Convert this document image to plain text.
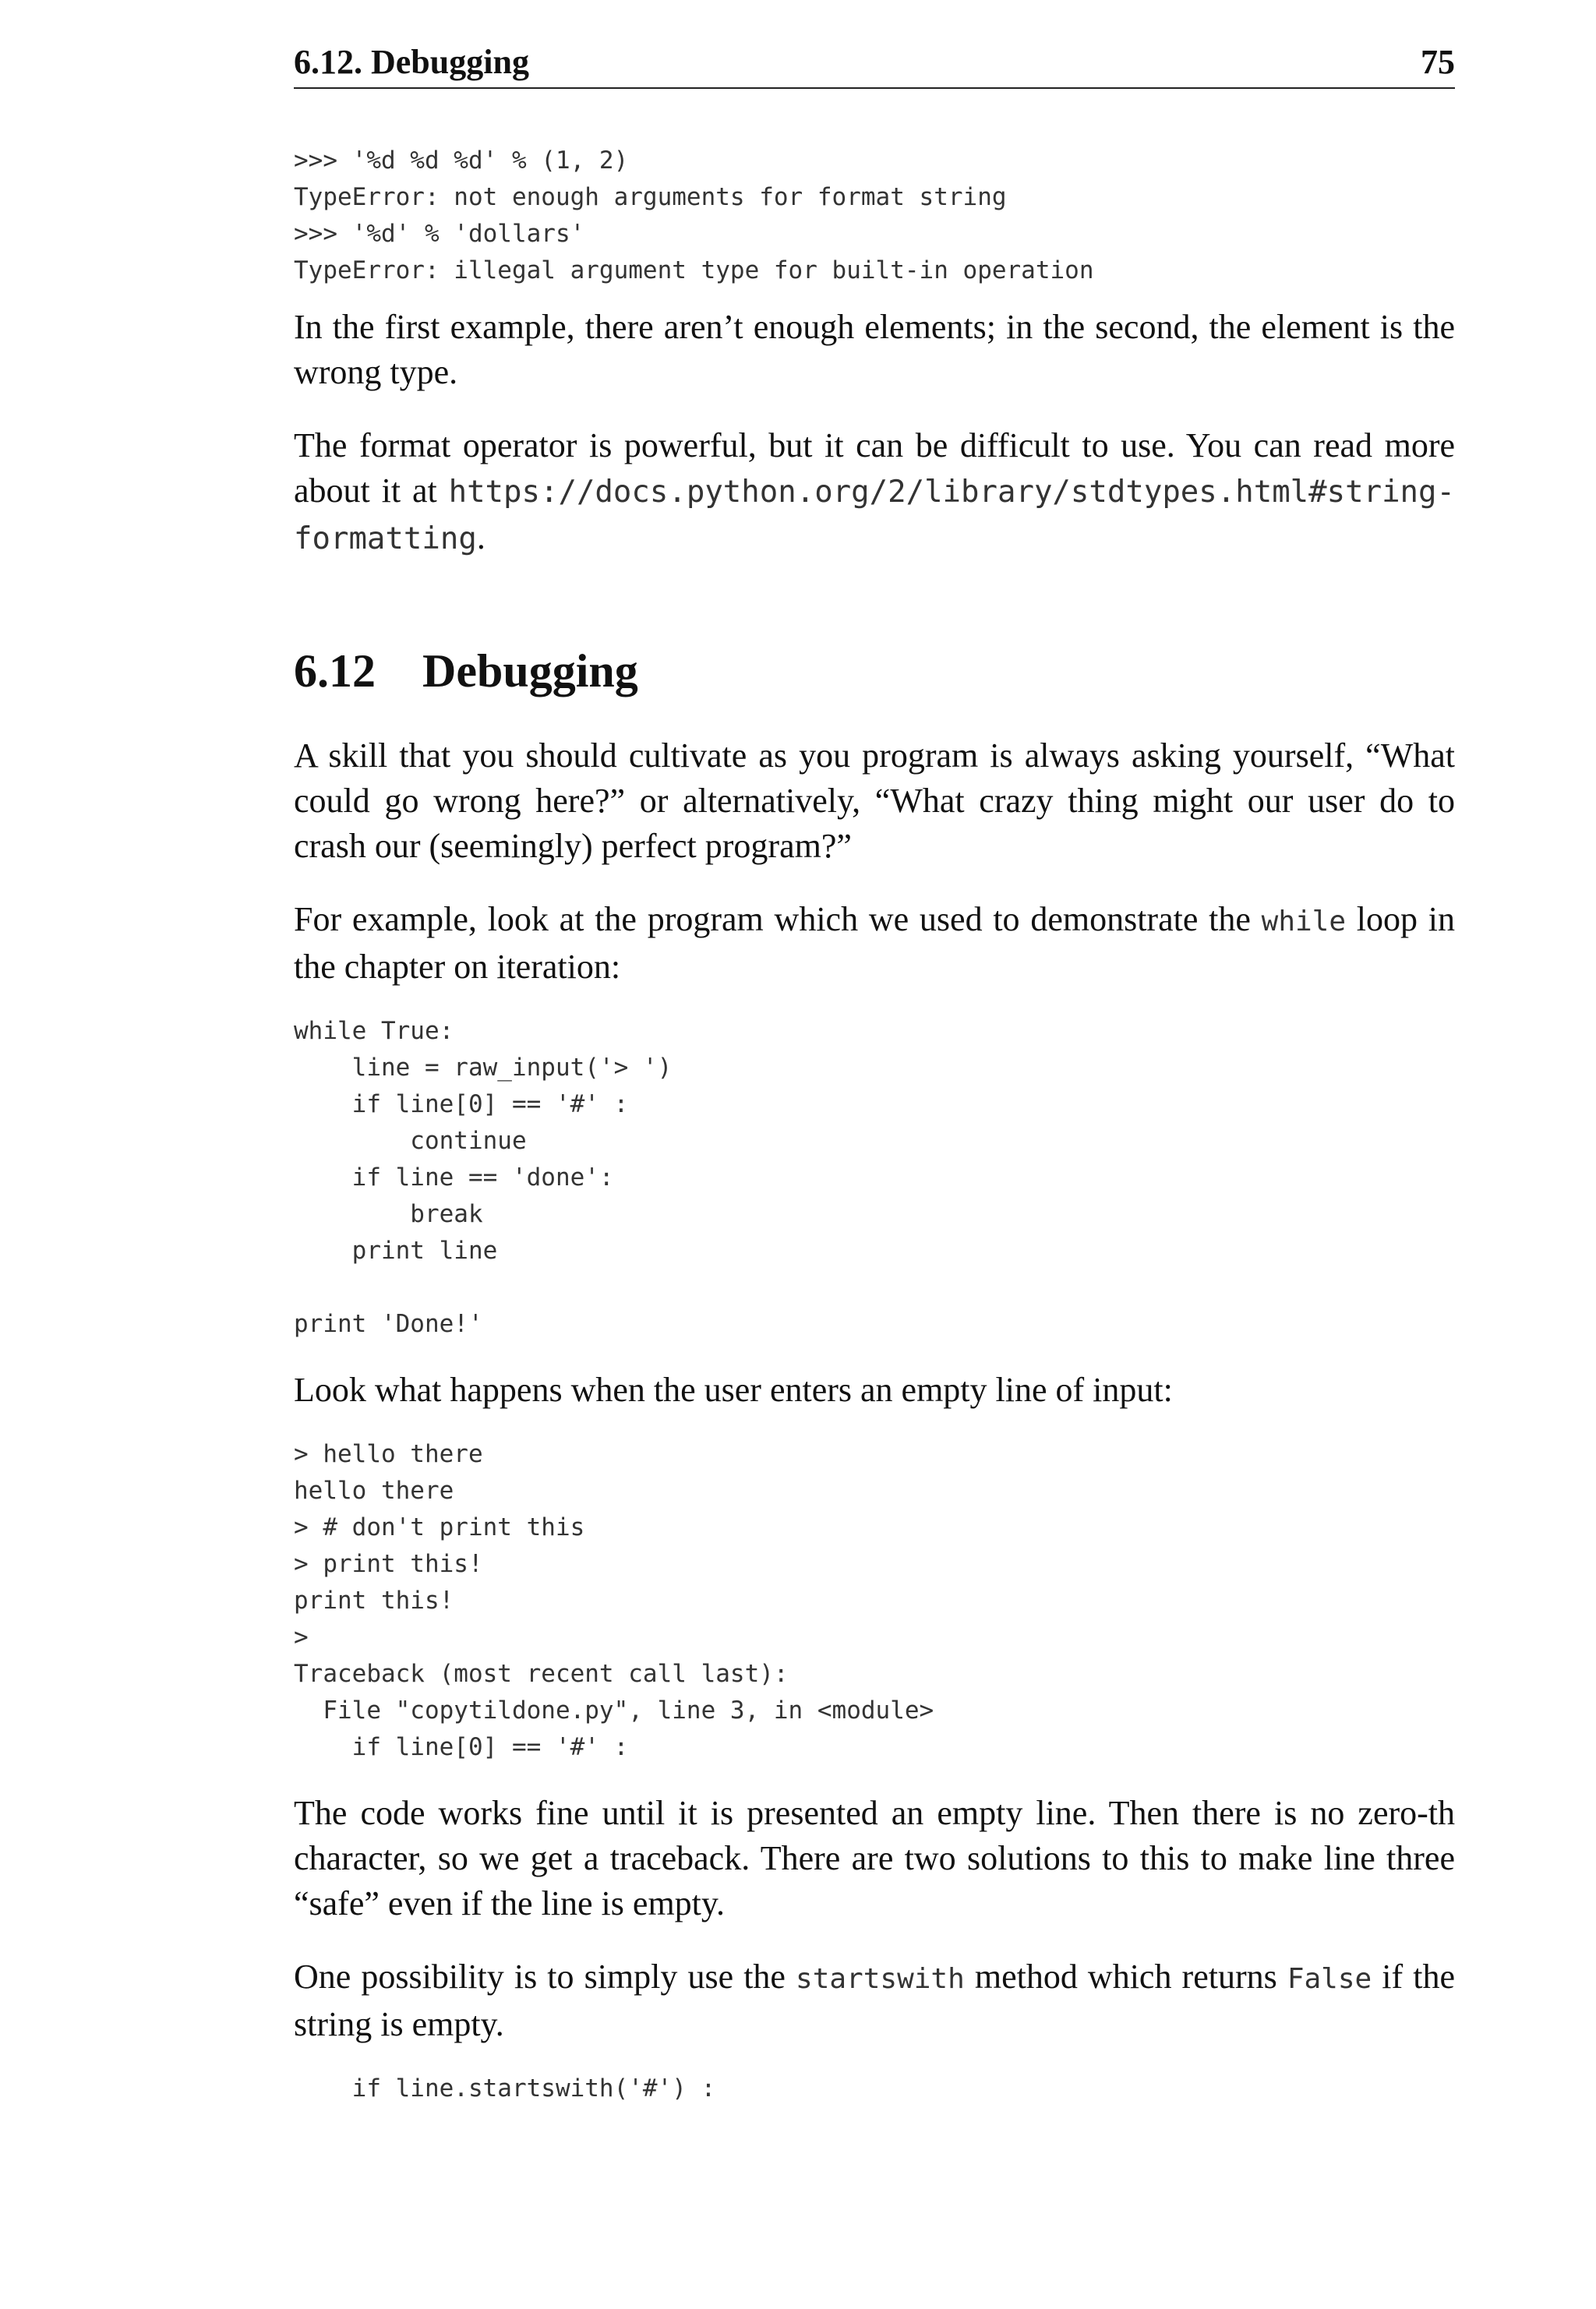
6.12. Debugging	75
>>> '%d %d %d' % (1, 2)
TypeError: not enough arguments for format string
>>> '%d' % 'dollars'
TypeError: illegal argument type for built-in operation

In the first example, there aren’t enough elements; in the second, the element is the wrong type.

The format operator is powerful, but it can be difficult to use. You can read more about it at https://docs.python.org/2/library/stdtypes.html#string-formatting.

6.12 Debugging

A skill that you should cultivate as you program is always asking yourself, “What could go wrong here?” or alternatively, “What crazy thing might our user do to crash our (seemingly) perfect program?”

For example, look at the program which we used to demonstrate the while loop in the chapter on iteration:

while True:
line = raw_input('> ')
if line[0] == '#' :
continue
if line == 'done':
break
print line

print 'Done!'

Look what happens when the user enters an empty line of input:

> hello there
hello there
> # don't print this
> print this!
print this!
>
Traceback (most recent call last):
File "copytildone.py", line 3, in <module>
if line[0] == '#' :

The code works fine until it is presented an empty line. Then there is no zero-th character, so we get a traceback. There are two solutions to this to make line three “safe” even if the line is empty.

One possibility is to simply use the startswith method which returns False if the string is empty.

if line.startswith('#') :
